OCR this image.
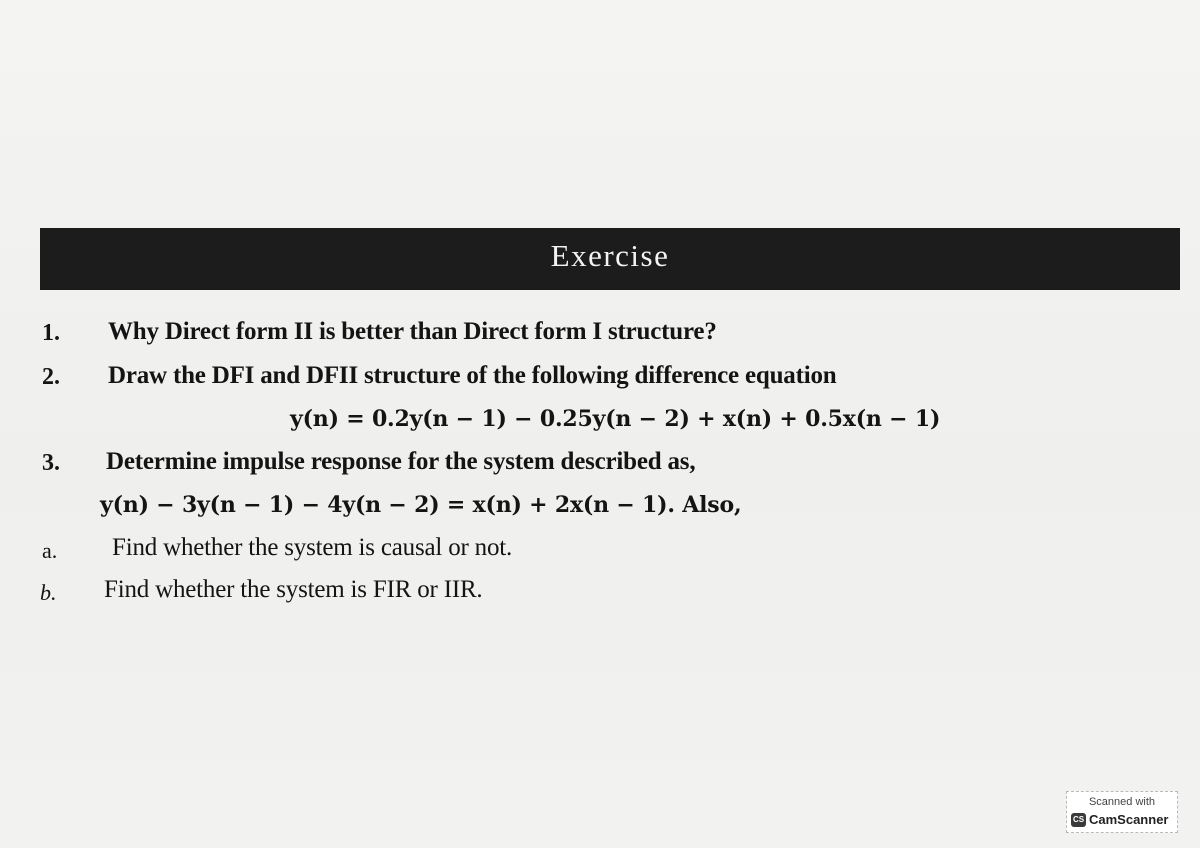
Exercise
1. Why Direct form II is better than Direct form I structure?
2. Draw the DFI and DFII structure of the following difference equation
y(n) = 0.2y(n − 1) − 0.25y(n − 2) + x(n) + 0.5x(n − 1)
3. Determine impulse response for the system described as,
y(n) − 3y(n − 1) − 4y(n − 2) = x(n) + 2x(n − 1). Also,
a. Find whether the system is causal or not.
b. Find whether the system is FIR or IIR.
Scanned with
CS CamScanner
